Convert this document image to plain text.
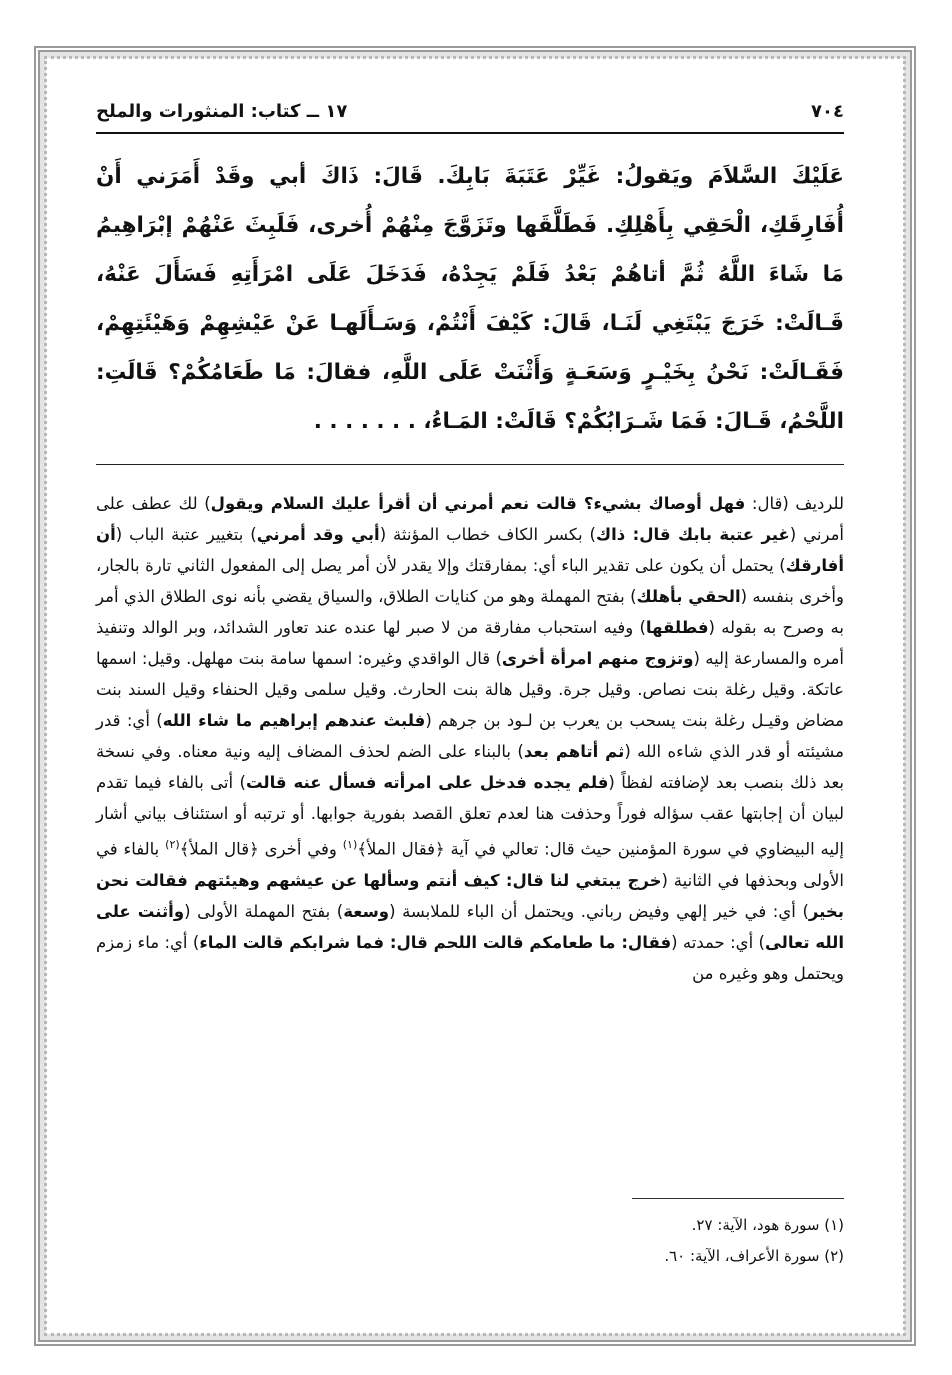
٧٠٤
١٧ ــ كتاب: المنثورات والملح

عَلَيْكَ السَّلاَمَ ويَقولُ: غَيِّرْ عَتَبَةَ بَابِكَ. قَالَ: ذَاكَ أبي وقَدْ أَمَرَني أَنْ أُفَارِقَكِ، الْحَقِي بِأَهْلِكِ. فَطَلَّقَها وتَزَوَّجَ مِنْهُمْ أُخرى، فَلَبِثَ عَنْهُمْ إبْرَاهِيمُ مَا شَاءَ اللَّهُ ثُمَّ أتاهُمْ بَعْدُ فَلَمْ يَجِدْهُ، فَدَخَلَ عَلَى امْرَأَتِهِ فَسَأَلَ عَنْهُ، قَـالَتْ: خَرَجَ يَبْتَغِي لَنَـا، قَالَ: كَيْفَ أَنْتُمْ، وَسَـأَلَهـا عَنْ عَيْشِهِمْ وَهَيْئَتِهِمْ، فَقَـالَتْ: نَحْنُ بِخَيْـرٍ وَسَعَـةٍ وَأَثْنَتْ عَلَى اللَّهِ، فقالَ: مَا طَعَامُكُمْ؟ قَالَتِ: اللَّحْمُ، قَـالَ: فَمَا شَـرَابُكُمْ؟ قَالَتْ: المَـاءُ، . . . . . . .

للرديف (قال: فهل أوصاك بشيء؟ قالت نعم أمرني أن أقرأ عليك السلام ويقول) لك عطف على أمرني (غير عتبة بابك قال: ذاك) بكسر الكاف خطاب المؤنثة (أبي وقد أمرني) بتغيير عتبة الباب (أن أفارقك) يحتمل أن يكون على تقدير الباء أي: بمفارقتك وإلا يقدر لأن أمر يصل إلى المفعول الثاني تارة بالجار، وأخرى بنفسه (الحقي بأهلك) بفتح المهملة وهو من كنايات الطلاق، والسياق يقضي بأنه نوى الطلاق الذي أمر به وصرح به بقوله (فطلقها) وفيه استحباب مفارقة من لا صبر لها عنده عند تعاور الشدائد، وبر الوالد وتنفيذ أمره والمسارعة إليه (وتزوج منهم امرأة أخرى) قال الواقدي وغيره: اسمها سامة بنت مهلهل. وقيل: اسمها عاتكة. وقيل رغلة بنت نصاص. وقيل جرة. وقيل هالة بنت الحارث. وقيل سلمى وقيل الحنفاء وقيل السند بنت مضاض وقيـل رغلة بنت يسحب بن يعرب بن لـود بن جرهم (فلبث عندهم إبراهيم ما شاء الله) أي: قدر مشيئته أو قدر الذي شاءه الله (ثم أتاهم بعد) بالبناء على الضم لحذف المضاف إليه ونية معناه. وفي نسخة بعد ذلك بنصب بعد لإضافته لفظاً (فلم يجده فدخل على امرأته فسأل عنه قالت) أتى بالفاء فيما تقدم لبيان أن إجابتها عقب سؤاله فوراً وحذفت هنا لعدم تعلق القصد بفورية جوابها. أو ترتبه أو استئناف بياني أشار إليه البيضاوي في سورة المؤمنين حيث قال: تعالي في آية ﴿فقال الملأ﴾$^{(١)}$ وفي أخرى ﴿قال الملأ﴾$^{(٢)}$ بالفاء في الأولى وبحذفها في الثانية (خرج يبتغي لنا قال: كيف أنتم وسألها عن عيشهم وهيئتهم فقالت نحن بخير) أي: في خير إلهي وفيض رباني. ويحتمل أن الباء للملابسة (وسعة) بفتح المهملة الأولى (وأثنت على الله تعالى) أي: حمدته (فقال: ما طعامكم قالت اللحم قال: فما شرابكم قالت الماء) أي: ماء زمزم ويحتمل وهو وغيره من

(١) سورة هود، الآية: ٢٧.
(٢) سورة الأعراف، الآية: ٦٠.
